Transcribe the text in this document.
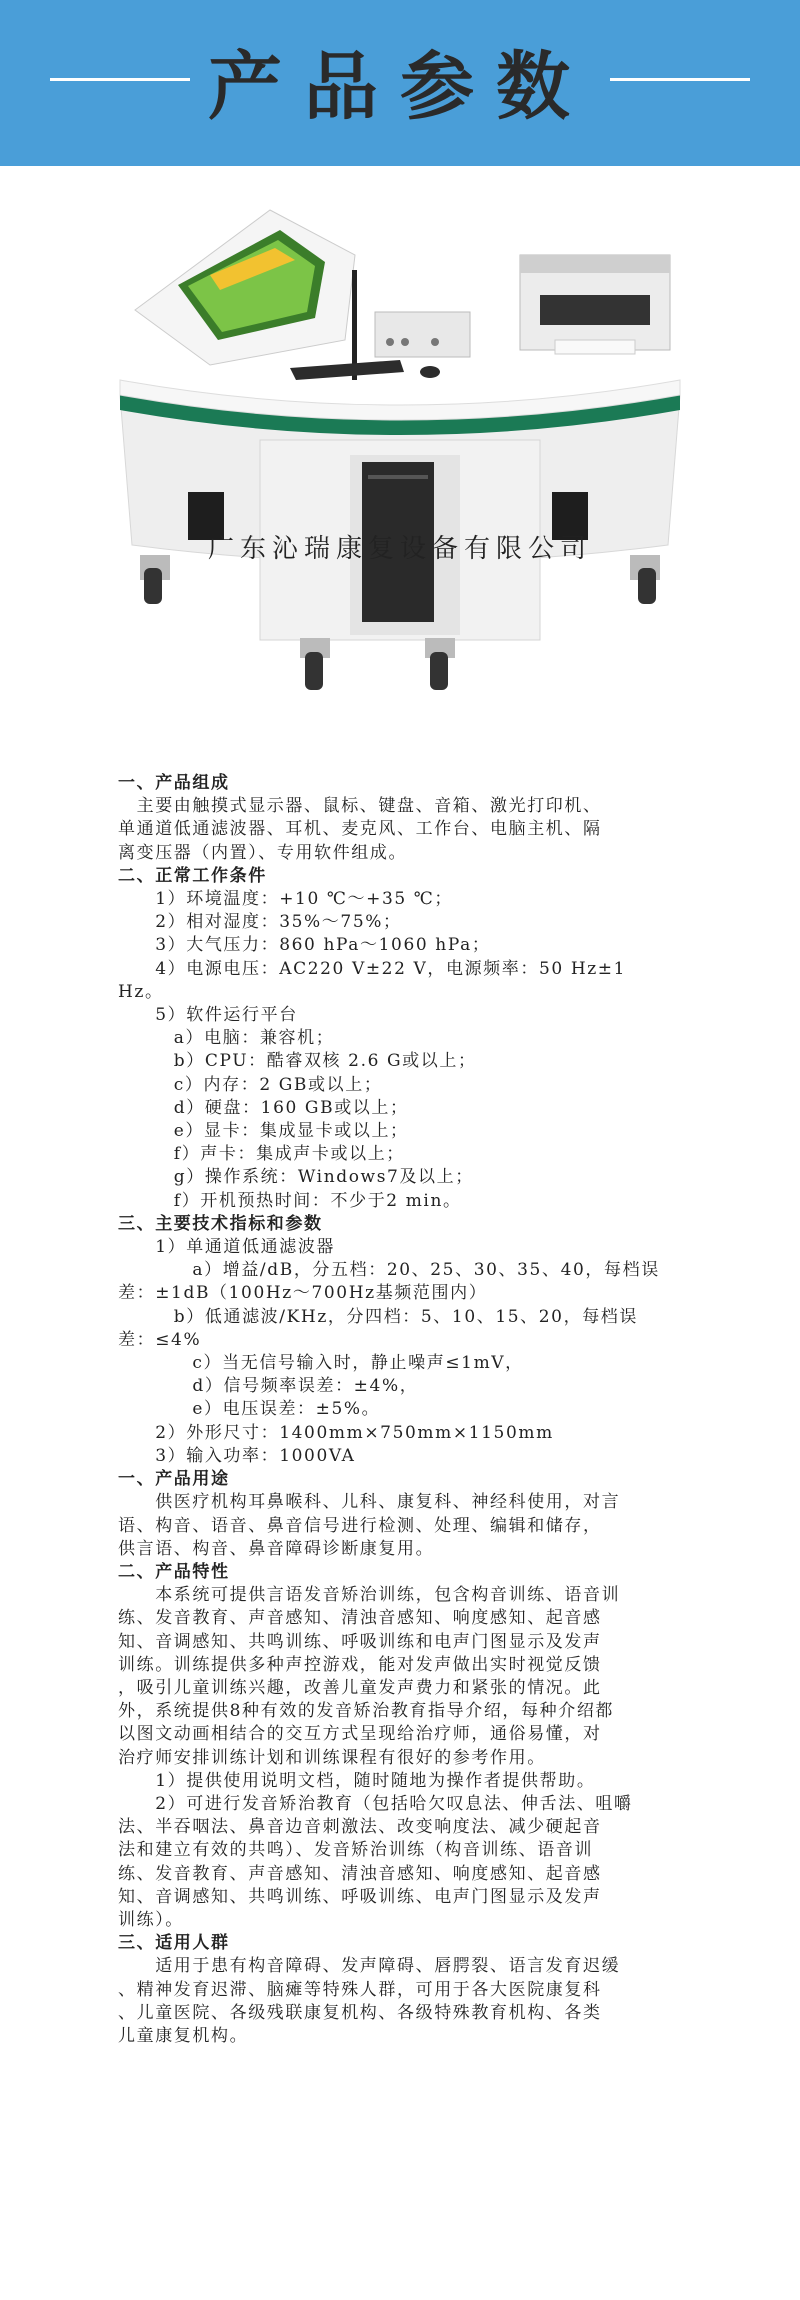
产品参数
广东沁瑞康复设备有限公司

一、产品组成

　主要由触摸式显示器、鼠标、键盘、音箱、激光打印机、

单通道低通滤波器、耳机、麦克风、工作台、电脑主机、隔

离变压器（内置）、专用软件组成。

二、正常工作条件

　　1）环境温度：+10 ℃～+35 ℃；

　　2）相对湿度：35%～75%；

　　3）大气压力：860 hPa～1060 hPa；

　　4）电源电压：AC220 V±22 V，电源频率：50 Hz±1

Hz。

　　5）软件运行平台

　　　a）电脑：兼容机；

　　　b）CPU：酷睿双核 2.6 G或以上；

　　　c）内存：2 GB或以上；

　　　d）硬盘：160 GB或以上；

　　　e）显卡：集成显卡或以上；

　　　f）声卡：集成声卡或以上；

　　　g）操作系统：Windows7及以上；

　　　f）开机预热时间：不少于2 min。

三、主要技术指标和参数

　　1）单通道低通滤波器

　　　　a）增益/dB，分五档：20、25、30、35、40，每档误

差：±1dB（100Hz～700Hz基频范围内）

　　　b）低通滤波/KHz，分四档：5、10、15、20，每档误

差：≤4%

　　　　c）当无信号输入时，静止噪声≤1mV，

　　　　d）信号频率误差：±4%，

　　　　e）电压误差：±5%。

　　2）外形尺寸：1400mm×750mm×1150mm

　　3）输入功率：1000VA

一、产品用途

　　供医疗机构耳鼻喉科、儿科、康复科、神经科使用，对言

语、构音、语音、鼻音信号进行检测、处理、编辑和储存，

供言语、构音、鼻音障碍诊断康复用。

二、产品特性

　　本系统可提供言语发音矫治训练，包含构音训练、语音训

练、发音教育、声音感知、清浊音感知、响度感知、起音感

知、音调感知、共鸣训练、呼吸训练和电声门图显示及发声

训练。训练提供多种声控游戏，能对发声做出实时视觉反馈

，吸引儿童训练兴趣，改善儿童发声费力和紧张的情况。此

外，系统提供8种有效的发音矫治教育指导介绍，每种介绍都

以图文动画相结合的交互方式呈现给治疗师，通俗易懂，对

治疗师安排训练计划和训练课程有很好的参考作用。

　　1）提供使用说明文档，随时随地为操作者提供帮助。

　　2）可进行发音矫治教育（包括哈欠叹息法、伸舌法、咀嚼

法、半吞咽法、鼻音边音刺激法、改变响度法、减少硬起音

法和建立有效的共鸣）、发音矫治训练（构音训练、语音训

练、发音教育、声音感知、清浊音感知、响度感知、起音感

知、音调感知、共鸣训练、呼吸训练、电声门图显示及发声

训练）。

三、适用人群

　　适用于患有构音障碍、发声障碍、唇腭裂、语言发育迟缓

、精神发育迟滞、脑瘫等特殊人群，可用于各大医院康复科

、儿童医院、各级残联康复机构、各级特殊教育机构、各类

儿童康复机构。
